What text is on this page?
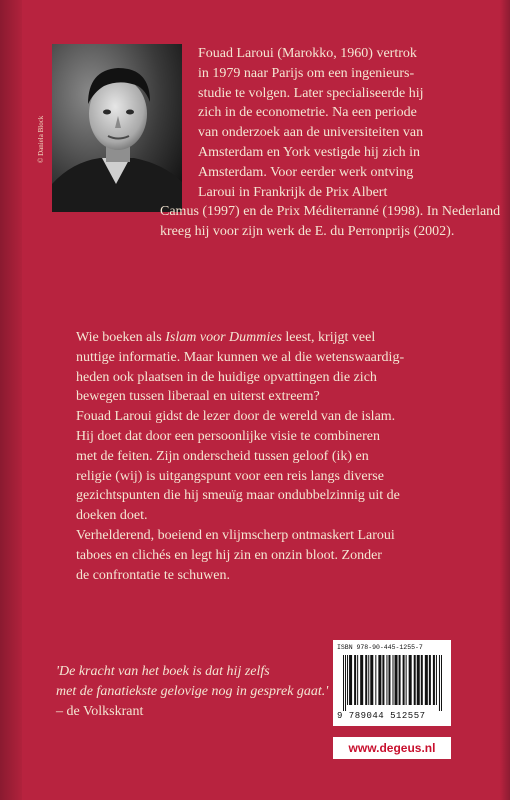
© Daniela Block
Fouad Laroui (Marokko, 1960) vertrok
in 1979 naar Parijs om een ingenieurs-
studie te volgen. Later specialiseerde hij
zich in de econometrie. Na een periode
van onderzoek aan de universiteiten van
Amsterdam en York vestigde hij zich in
Amsterdam. Voor eerder werk ontving
Laroui in Frankrijk de Prix Albert
Camus (1997) en de Prix Méditerranné (1998). In Nederland
kreeg hij voor zijn werk de E. du Perronprijs (2002).
Wie boeken als Islam voor Dummies leest, krijgt veel
nuttige informatie. Maar kunnen we al die wetenswaardig-
heden ook plaatsen in de huidige opvattingen die zich
bewegen tussen liberaal en uiterst extreem?
Fouad Laroui gidst de lezer door de wereld van de islam.
Hij doet dat door een persoonlijke visie te combineren
met de feiten. Zijn onderscheid tussen geloof (ik) en
religie (wij) is uitgangspunt voor een reis langs diverse
gezichtspunten die hij smeuïg maar ondubbelzinnig uit de
doeken doet.
Verhelderend, boeiend en vlijmscherp ontmaskert Laroui
taboes en clichés en legt hij zin en onzin bloot. Zonder
de confrontatie te schuwen.
'De kracht van het boek is dat hij zelfs
met de fanatiekste gelovige nog in gesprek gaat.'
– de Volkskrant
ISBN 978-90-445-1255-7
9 789044 512557
www.degeus.nl
